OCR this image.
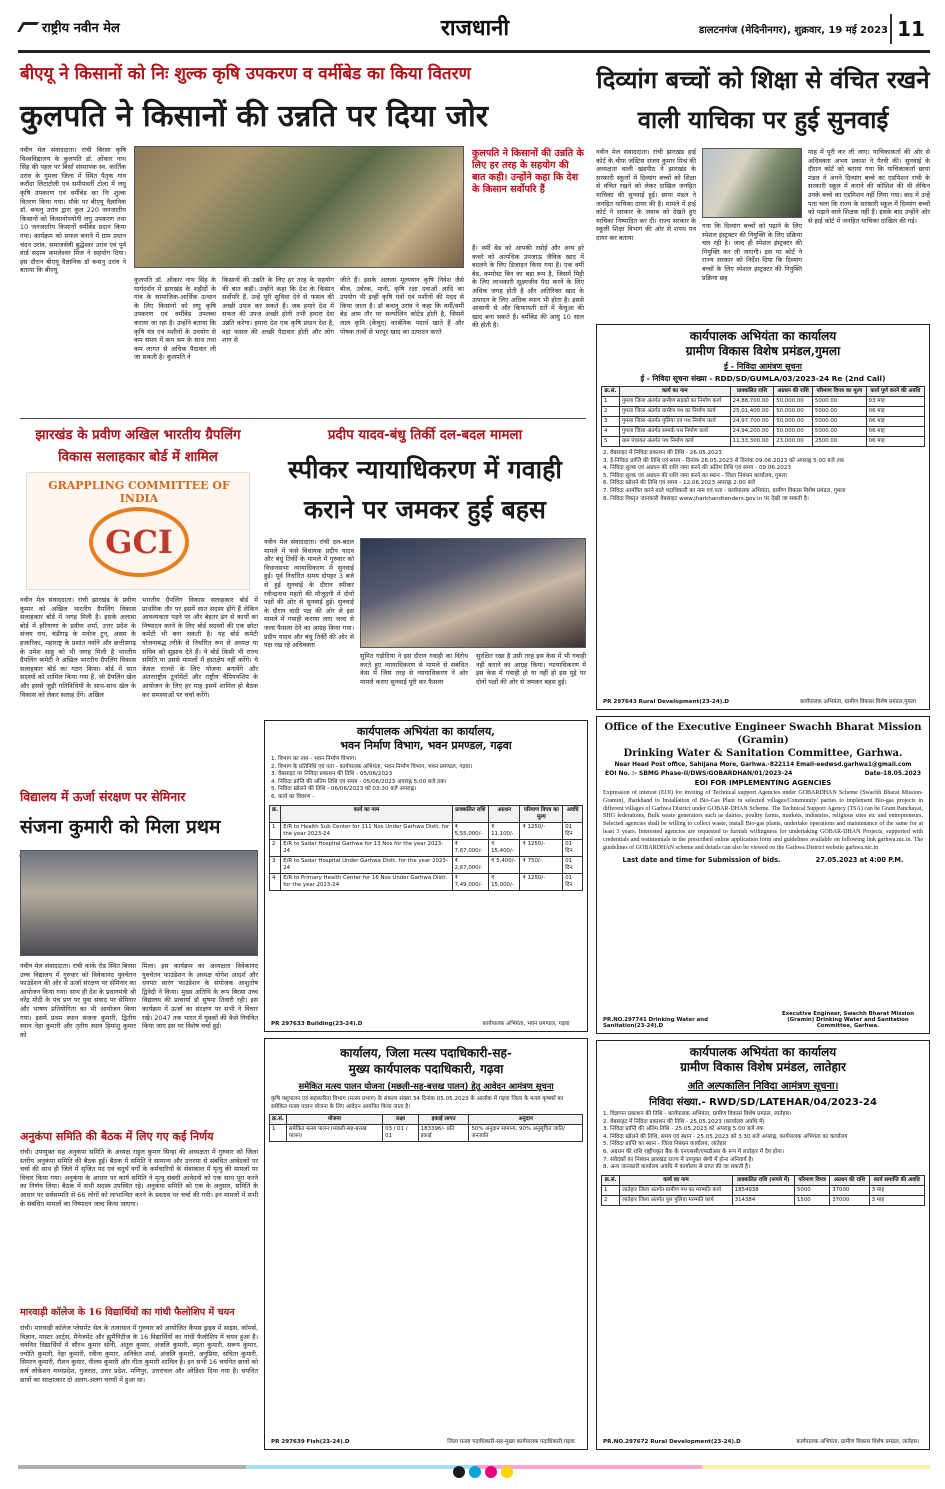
राष्ट्रीय नवीन मेल	राजधानी	डालटनगंज (मेदिनीनगर), शुक्रवार, 19 मई 2023 11
बीएयू ने किसानों को निः शुल्क कृषि उपकरण व वर्मीबेड का किया वितरण
कुलपति ने किसानों की उन्नति पर दिया जोर
नवीन मेल संवाददाता। रांची बिरसा कृषि विश्वविद्यालय के कुलपति डॉ. ओंकार नाथ सिंह की पहल पर बिर्सा संस्थापक स्व. कार्तिक उरांव के गुमला जिला में स्थित पैतृक गांव करौंदा लिटाटोली एवं समीपवर्ती टोला में लघु कृषि उपकरण एवं वर्मीबेड का निः शुल्क वितरण किया गया। मौके पर बीएयू वैज्ञानिक डॉ. बन्धनु उरांव द्वारा कुल 220 जनजातीय किसानों को किसानोपयोगी लघु उपकरण तथा 10 जनजातीय किसानों वर्मीबेड प्रदान किया गया। कार्यक्रम को सफल बनाने में ग्राम प्रधान चंदन उरांव, समाजसेवी बुद्धेश्वर उरांव एवं पूर्व वार्ड सदस्य कमलेश्वर मिंज ने सहयोग दिया। इस दौरान बीएयू वैज्ञानिक डॉ बन्धनु उरांव ने बताया कि बीएयू
कुलपति ने किसानों की उन्नति के लिए हर तरह के सहयोग की बात कही। उन्होंने कहा कि देश के किसान सर्वोपरि हैं
कुलपति डॉ. ओंकार नाथ सिंह के मार्गदर्शन में झारखंड के शहीदों के गांव के सामाजिक-आर्थिक उत्थान के लिए किसानों को लघु कृषि उपकरण एवं वर्मीबेड उपलब्ध कराया जा रहा है। उन्होंने बताया कि कृषि यंत्र एवं मशीनों के उपयोग से कम समय में कम श्रम के साथ तथा कम लागत से अधिक पैदावार ली जा सकती है। कुलपति ने
किसानों की उन्नति के लिए हर तरह के सहयोग की बात कही। उन्होंने कहा कि देश के किसान सर्वोपरि हैं, उन्हें पूरी सुविधा देने से फसल की अच्छी उपज कर सकते हैं। जब हमारे देश में सफल की उपज अच्छी होगी तभी हमारा देश उन्नति करेगा। हमारा देश एक कृषि प्रधान देश है, वहां फसल की अच्छी पैदावार होती और लोग शान से
जीते हैं। इसके अलावा मूल्यवान कृषि निवेश जैसे बीज, उर्वरक, पानी, कृषि रक्षा दवाओं आदि का उपयोग भी इन्हीं कृषि यंत्रों एवं मशीनों की मदद से किया जाता है। डॉ बन्धनु उरांव ने कहा कि वर्मी/वर्मी बेड आम तौर पर सल्पोलिन कोटेड होती है, जिसमें लाल कृमि (केंचुए) कार्बनिक पदार्थ खाते हैं और पोषक तत्वों से भरपूर खाद का उत्पादन करते
हैं। वर्मी बेड को आपकी रसोई और अन्य हरे कचरे को अत्यधिक उपजाऊ जैविक खाद में बदलने के लिए डिजाइन किया गया है। एक वर्मी बेड, कम्पोस्ट बिन का बड़ा रूप है, जिसमें मिट्टी के लिए लाभकारी सूक्ष्मजीव पैदा करने के लिए अधिक जगह होती है और अतिरिक्त खाद के उत्पादन के लिए अधिक स्थान भी होता है। इससे आसानी से और किफायती दरों में केंचुआ की खाद बना सकते हैं। वर्मीबेड की आयु 10 साल की होती है।
दिव्यांग बच्चों को शिक्षा से वंचित रखने वाली याचिका पर हुई सुनवाई
नवीन मेल संवाददाता। रांची झारखंड हाई कोर्ट के चीफ जस्टिस संजय कुमार मिश्र की अध्यक्षता वाली खंडपीठ ने झारखंड के सरकारी स्कूलों में दिव्यांग बच्चों को शिक्षा से वंचित रखने को लेकर दाखिल जनहित याचिका की सुनवाई हुई। छाया मंडल ने जनहित याचिका दायर की है। मामले में हाई कोर्ट ने सरकार के जवाब को देखते हुए याचिका निष्पादित कर दी। राज्य सरकार के स्कूली शिक्षा विभाग की ओर से शपथ पत्र दायर कर बताया
गया कि दिव्यांग बच्चों को पढ़ाने के लिए स्पेशल इंस्ट्रक्टर की नियुक्ति के लिए प्रक्रिया चल रही है। जल्द ही स्पेशल इंस्ट्रक्टर की नियुक्ति कर ली जाएगी। इस पर कोर्ट ने राज्य सरकार को निर्देश दिया कि दिव्यांग बच्चों के लिए स्पेशल इंस्ट्रक्टर की नियुक्ति प्रक्रिया छह
माह में पूरी कर ली जाए। याचिकाकर्ता की ओर से अधिवक्ता अभय प्रकाश ने पैरवी की। सुनवाई के दौरान कोर्ट को बताया गया कि याचिकाकर्ता छाया मंडल ने अपने दिव्यांग बच्चे का एडमिशन रांची के सरकारी स्कूल में कराने की कोशिश की थी लेकिन उनके बच्चे का एडमिशन नहीं लिया गया। बाद में उन्हें पता चला कि राज्य के सरकारी स्कूल में दिव्यांग बच्चों को पढ़ाने वाले शिक्षक नहीं हैं। इसके बाद उन्होंने ओर से हाई कोर्ट में जनहित याचिका दाखिल की गई।
कार्यपालक अभियंता का कार्यालय
ग्रामीण विकास विशेष प्रमंडल,गुमला
ई - निविदा आमंत्रण सूचना
ई - निविदा सूचना संख्या - RDD/SD/GUMLA/03/2023-24 Re (2nd Call)
क्र.सं.	कार्य का नाम	प्राक्कलित राशि	अग्रधन की राशि	परिमाण विपत्र का मूल्य	कार्य पूर्ण करने की अवधि
1	गुमला जिला अंतर्गत ग्रामीण सड़कों का निर्माण कार्य	24,88,700.00	50,000.00	5000.00	03 माह
2	गुमला जिला अंतर्गत ग्रामीण पथ का निर्माण कार्य	25,01,400.00	50,000.00	5000.00	06 माह
3	गुमला जिला अंतर्गत पुलिया एवं पथ निर्माण कार्य	24,97,700.00	50,000.00	5000.00	06 माह
4	गुमला जिला अंतर्गत सम्पर्क पथ निर्माण कार्य	24,94,200.00	50,000.00	5000.00	06 माह
5	ग्राम पंचायत अंतर्गत पथ निर्माण कार्य	11,33,300.00	23,000.00	2500.00	06 माह
2. वेबसाइट में निविदा प्रकाशन की तिथि - 26.05.2023
3. ई-निविदा प्राप्ति की तिथि एवं समय - दिनांक 26.05.2023 से दिनांक 09.06.2023 को अपराह्न 5:00 बजे तक
4. निविदा शुल्क एवं अग्रधन की राशि जमा करने की अंतिम तिथि एवं समय - 09.06.2023
5. निविदा शुल्क एवं अग्रधन की राशि जमा करने का स्थान - जिला निबंधन कार्यालय, गुमला
6. निविदा खोलने की तिथि एवं समय - 12.06.2023 अपराह्न 2:00 बजे
7. निविदा आमंत्रित करने वाले पदाधिकारी का नाम एवं पता - कार्यपालक अभियंता, ग्रामीण विकास विशेष प्रमंडल, गुमला
8. निविदा विस्तृत जानकारी वेबसाइट www.jharkhandtenders.gov.in पर देखी जा सकती है।
PR 297643 Rural Development(23-24).D	कार्यपालक अभियंता, ग्रामीण विकास विशेष प्रमंडल,गुमला
झारखंड के प्रवीण अखिल भारतीय ग्रैपलिंग विकास सलाहकार बोर्ड में शामिल
GRAPPLING COMMITTEE OF INDIA
GCI
नवीन मेल संवाददाता। रांची झारखंड के प्रवीण कुमार को अखिल भारतीय ग्रैपलिंग विकास सलाहकार बोर्ड में जगह मिली है। इसके अलावा बोर्ड में हरियाणा के प्रवीण शर्मा, उत्तर प्रदेश के संजय राय, चंडीगढ़ के मनोज टुन्, असम के हजारिका, महाराष्ट्र के प्रशांत नवाँने और छत्तीसगढ़ के उमेश साहू को भी जगह मिली है भारतीय ग्रैपलिंग कमेटी ने अखिल भारतीय ग्रैपलिंग विकास सलाहकार बोर्ड का गठन किया। बोर्ड में सात सदस्यों को शामिल किया गया है, जो ग्रैपलिंग खेल और इससे जुड़ी गतिविधियों के साथ-साथ खेल के विकास को लेकर सलाह देंगे। अखिल
भारतीय ग्रैपलिंग विकास सलाहकार बोर्ड में प्राथमिक तौर पर इसमें सात सदस्य होंगे हैं लेकिन आवश्यकता पड़ने पर और बेहतर ढंग से कार्यों का निष्पादन करने के लिए बोर्ड सदस्यों की एक छोटा कमेटी भी बना सकती है। यह बोर्ड कमेटी योजनाबद्ध तरीके से निर्धारित रूप से अध्यक्ष या सचिव को सुझाव देते हैं। ये बोर्ड किसी भी राज्य समिति या उससे मामलों में हस्तक्षेप नहीं करेंगे। ये केवल राज्यों के लिए योजना बनायेंगे और अंतरराष्ट्रीय टूर्नामेंटों और राष्ट्रीय चैंपियनशिप के आयोजन के लिए हर माह इसमें शामिल हो बैठक कर समस्याओं पर चर्चा करेंगे।
प्रदीप यादव-बंधु तिर्की दल-बदल मामला
स्पीकर न्यायाधिकरण में गवाही कराने पर जमकर हुई बहस
नवीन मेल संवाददाता। रांची दल-बदल मामले में फंसे विधायक प्रदीप यादव और बंधु तिर्की के मामले में गुरुवार को विधानसभा न्यायाधिकरण में सुनवाई हुई। पूर्व निर्धारित समय दोपहर 3 बजे से हुई सुनवाई के दौरान स्पीकर रवीन्द्रनाथ महतो की मौजूदगी में दोनों पक्षों की ओर से सुनवाई हुई। सुनवाई के दौरान वादी पक्ष की ओर से इस मामले में गवाही कराया जाए जल्द से जल्द फैसला देने का आग्रह किया गया। प्रदीप यादव और बंधु तिर्की की ओर से पक्ष रख रहे अधिवक्ता
सुमित गड़ोदिया ने इस दौरान गवाही का विरोध करते हुए न्यायाधिकरण से मामले से संबंधित केस में जिस तरह से न्यायाधिकरण ने ओर मामले कराए सुनवाई पूरी कर फैसला
सुरक्षित रखा है उसी तरह इस केस में भी गवाही नहीं कराने का आग्रह किया। न्यायाधिकरण में इस केस में गवाही हो या नहीं हो इस मुद्दे पर दोनों पक्षों की ओर से जमकर बहस हुई।
कार्यपालक अभियंता का कार्यालय,
भवन निर्माण विभाग, भवन प्रमण्डल, गढ़वा
1. विभाग का नाम - भवन निर्माण विभाग।
2. विभाग के प्रतिनिधि एवं पता - कार्यपालक अभियंता, भवन निर्माण विभाग, भवन प्रमण्डल, गढ़वा।
3. वेबसाइट पर निविदा प्रकाशन की तिथि - 05/06/2023
4. निविदा प्राप्ति की अंतिम तिथि एवं समय - 05/06/2023 अपराह्न 5:00 बजे तक।
5. निविदा खोलने की तिथि - 06/06/2023 को 03:30 बजे अपराह्न।
6. कार्य का विवरण -
क्र.	कार्य का नाम	प्राक्कलित राशि	अग्रधन	परिमाण विपत्र का मूल्य	अवधि
1	E/R to Health Sub Center for 111 Nos Under Garhwa Distt. for the year 2023-24	₹ 5,55,000/-	₹ 11,100/-	₹ 1250/-	01 दिन
2	E/R to Sadar Hospital Garhwa for 13 Nos for the year 2023-24	₹ 7,67,000/-	₹ 15,400/-	₹ 1250/-	01 दिन
3	E/R to Sadar Hospital Under Garhwa Distt. for the year 2023-24	₹ 2,67,000/-	₹ 5,400/-	₹ 750/-	01 दिन
4	E/R to Primary Health Center for 16 Nos Under Garhwa Distt. for the year 2023-24	₹ 7,49,000/-	₹ 15,000/-	₹ 1250/-	01 दिन
PR 297633 Building(23-24).D	कार्यपालक अभियंता, भवन प्रमण्डल, गढ़वा
विद्यालय में ऊर्जा संरक्षण पर सेमिनार
संजना कुमारी को मिला प्रथम
नवीन मेल संवाददाता। रांची कांके रोड स्थित बिरसा उच्च विद्यालय में गुरुवार को विवेकानंद युवचेतन फाउंडेशन की ओर से ऊर्जा संरक्षण पर सेमिनार का आयोजन किया गया। साथ ही देश के प्रधानमंत्री श्री नरेंद्र मोदी के पंच प्रण पर युवा संवाद पर सेमिनार और भाषण प्रतियोगिता का भी आयोजन किया गया। इसमें प्रथम स्थान संजना कुमारी, द्वितीय स्थान नेहा कुमारी और तृतीय स्थान हिमांशु कुमार को
मिला। इस कार्यक्रम का अध्यक्षता विवेकानंद युवचेतन फाउंडेशन के अध्यक्ष योगेश आदर्श और धनपत सारंग फाउंडेशन के संयोजक आशुतोष द्विवेदी ने किया। मुख्य अतिथि के रूप बिरसा उच्च विद्यालय की प्राचार्या डॉ सुषमा तिवारी रही। इस कार्यक्रम में ऊर्जा का संरक्षण पर सभी ने विचार रखे। 2047 तक भारत में युवकों की कैसे नियंत्रित किया जाए इस पर विशेष चर्चा हुई।
अनुकंपा समिति की बैठक में लिए गए कई निर्णय
रांची। उपायुक्त सह अनुकंपा समिति के अध्यक्ष राहुल कुमार सिन्हा की अध्यक्षता में गुरुवार को जिला स्तरीय अनुकंपा समिति की बैठक हुई। बैठक में समिति ने सामान्य और उत्तरमा से संबंधित आवेदकों पर चर्चा की साथ ही जिले में सृजित पद एवं चतुर्थ वर्गों के कर्मचारियों के सेवाकाल में मृत्यु की मामलों पर विचार किया गया। अनुकंपा के आधार पर कार्य समिति ने मृत्यु संबंधी आवेदनों को एक साथ पूरा करने का निर्णय लिया। बैठक में सभी सदस्य उपस्थित रहे। अनुकंपा समिति को एक के अनुसार, समिति के आधार पर सर्वसम्मति से 66 लोगों को लाभान्वित करने के प्रस्ताव पर चर्चा की गयी। इन मामलों में सभी के संबंधित मामलों का निष्पादन जल्द किया जाएगा।
मारवाड़ी कॉलेज के 16 विद्यार्थियों का गांधी फैलोशिप में चयन
रांची। मारवाड़ी कॉलेज प्लेसमेंट सेल के तत्वाधान में गुरुवार को आयोजित कैंपस ड्राइव में साइंस, कॉमर्स, विज्ञान, मास्टर आर्ट्स, मैनेजमेंट और ह्यूमैनिटीज के 16 विद्यार्थियों का गांधी फैलोशिप में चयन हुआ है। चयनित विद्यार्थियों में सौरभ कुमार सोनी, अतुल कुमार, अंजलि कुमारी, स्मृता कुमारी, सरूप कुमार, ज्योति कुमारी, नेहा कुमारी, रवीना कुमार, अनिकेत शर्मा, अंजलि कुमारी, अनुप्रिया, सचिता कुमारी, सिमरन कुमारी, रौशन कुमार, नीलम कुमारी और गीता कुमारी शामिल हैं। इन सभी 16 चयनित छात्रों को कर्ष लोकेशन मध्यप्रदेश, गुजरात, उत्तर प्रदेश, मणिपुर, उत्तरांचल और ओडिशा दिया गया है। चयनित छात्रों का साक्षात्कार दो अलग-अलग चरणों में हुआ था।
कार्यालय, जिला मत्स्य पदाधिकारी-सह-
मुख्य कार्यपालक पदाधिकारी, गढ़वा
समेकित मत्स्य पालन योजना (मछली-सह-बत्तख पालन) हेतु आवेदन आमंत्रण सूचना
कृषि पशुपालन एवं सहकारिता विभाग (मत्स्य प्रभाग) के संकल्प संख्या 34 दिनांक 05.05.2023 के आलोक में गढ़वा जिला के मत्स्य कृषकों का समेकित मत्स्य पालन योजना के लिए आवेदन आमंत्रित किया जाता है।
क्र.सं.	योजना	लक्ष्य	इकाई लागत	अनुदान
1	समेकित मत्स्य पालन (मछली-सह-बत्तख पालन)	03 / 01 / 01	183396/- प्रति इकाई	50% अनुदान सामान्य, 90% अनुसूचित जाति/जनजाति
PR 297639 Fish(23-24).D	जिला मत्स्य पदाधिकारी-सह-मुख्य कार्यपालक पदाधिकारी,गढ़वा
Office of the Executive Engineer Swachh Bharat Mission (Gramin)
Drinking Water & Sanitation Committee, Garhwa.
Near Head Post office, Sahijana More, Garhwa.-822114 Email-eedwsd.garhwa1@gmail.com
EOI No. :- SBMG Phase-II/DWS/GOBARDHAN/01/2023-24	Date-18.05.2023
EOI FOR IMPLEMENTING AGENCIES
Expression of interest (EOI) for inviting of Technical support Agencies under GOBARDHAN Scheme (Swachh Bharat Mission-Gramin), Jharkhand to Installation of Bio-Gas Plant in selected villages/Community/ parties to implement Bio-gas projects in different villages of Garhwa District under GOBAR-DHAN Scheme. The Technical Support Agency (TSA) can be Gram Panchayat, SHG federations, Bulk waste generators such as dairies, poultry farms, markets, industries, religious sites etc and entrepreneurs. Selected agencies shall be willing to collect waste, install Bio-gas plants, undertake operations and maintenance of the same for at least 3 years. Interested agencies are requested to furnish willingness for undertaking GOBAR-DHAN Projects, supported with credentials and testimonials in the prescribed online application form and guidelines available on following link garhwa.nic.in. The guidelines of GOBARDHAN scheme and details can also be viewed on the Garhwa District website garhwa.nic.in
Last date and time for Submission of bids.	27.05.2023 at 4:00 P.M.
PR.NO.297741 Drinking Water and Sanitation(23-24).D
Executive Engineer, Swachh Bharat Mission (Gramin) Drinking Water and Sanitation Committee, Garhwa.
कार्यपालक अभियंता का कार्यालय
ग्रामीण विकास विशेष प्रमंडल, लातेहार
अति अल्पकालिन निविदा आमंत्रण सूचना।
निविदा संख्या.- RWD/SD/LATEHAR/04/2023-24
1. विज्ञापन प्रकाशन की तिथि - कार्यपालक अभियंता, ग्रामीण विकास विशेष प्रमंडल, लातेहार।
2. वेबसाइट में निविदा प्रकाशन की तिथि - 25.05.2023 (कार्यालय अवधि में)
3. निविदा प्राप्ति की अंतिम तिथि - 25.05.2023 को अपराह्न 5.00 बजे तक
4. निविदा खोलने की तिथि, समय एवं स्थान - 25.05.2023 को 3.30 बजे अपराह्न, कार्यपालक अभियंता का कार्यालय
5. निविदा प्राप्ति का स्थान - जिला निबंधन कार्यालय, लातेहार
6. अग्रधन की राशि राष्ट्रीयकृत बैंक के एनएससी/एफडीआर के रूप में लातेहार में देय होगा।
7. संवेदकों का निबंधन झारखंड राज्य में उपयुक्त श्रेणी में होना अनिवार्य है।
8. अन्य जानकारी कार्यालय अवधि में कार्यालय से प्राप्त की जा सकती है।
क्र.सं.	कार्य का नाम	प्राक्कलित राशि (रूपये में)	परिमाण विपत्र	अग्रधन की राशि	कार्य समाप्ति की अवधि
1	लातेहार जिला अंतर्गत ग्रामीण पथ का मरम्मति कार्य	1854938	5000	37000	3 माह
2	लातेहार जिला अंतर्गत पुल पुलिया मरम्मति कार्य	314384	1500	37000	3 माह
PR.NO.297672 Rural Development(23-24).D	कार्यपालक अभियंता, ग्रामीण विकास विशेष प्रमंडल, लातेहार।
